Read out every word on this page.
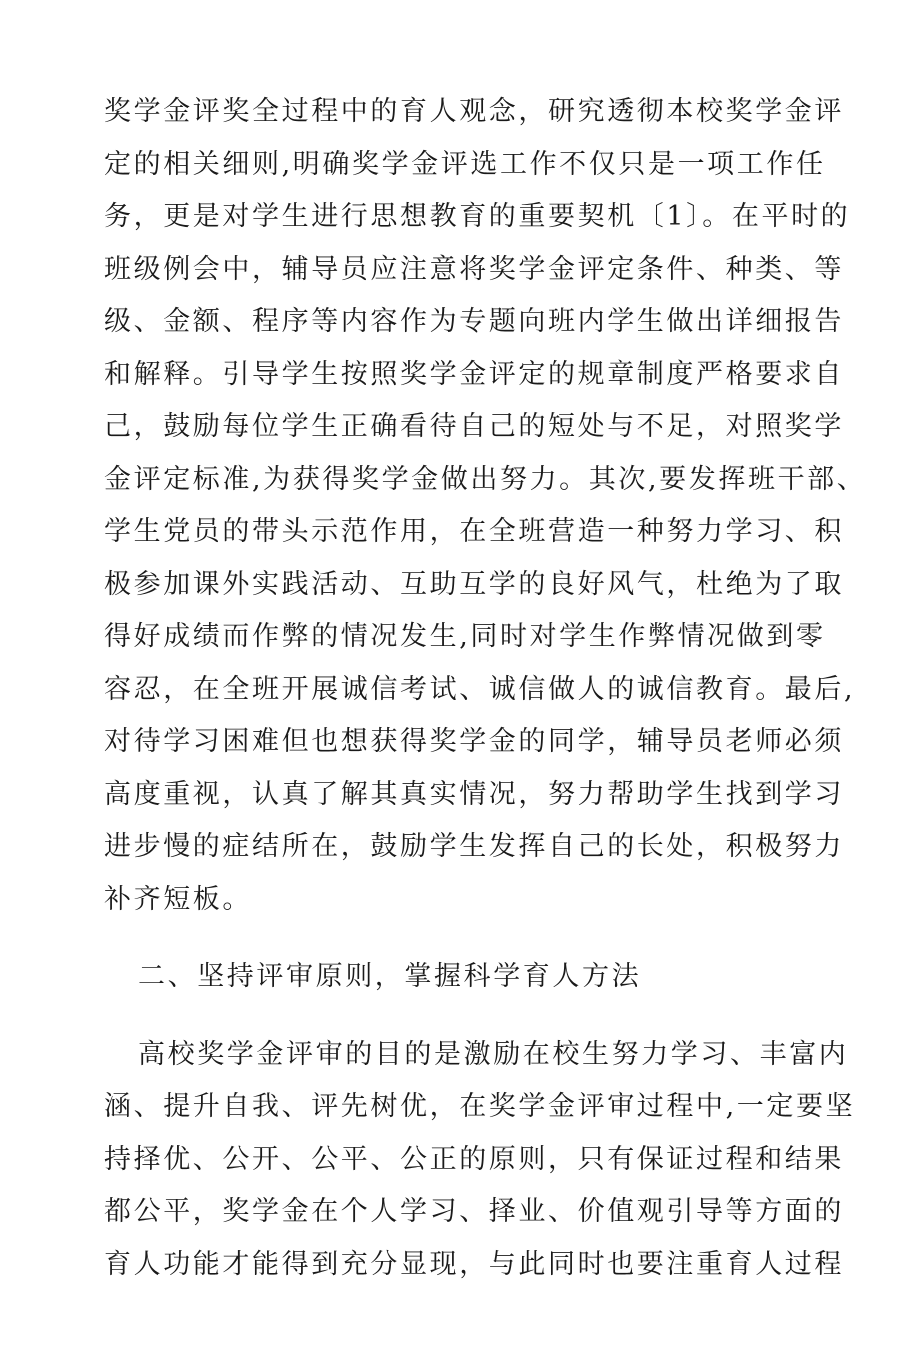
奖学金评奖全过程中的育人观念，研究透彻本校奖学金评
定的相关细则,明确奖学金评选工作不仅只是一项工作任
务，更是对学生进行思想教育的重要契机〔1〕。在平时的
班级例会中，辅导员应注意将奖学金评定条件、种类、等
级、金额、程序等内容作为专题向班内学生做出详细报告
和解释。引导学生按照奖学金评定的规章制度严格要求自
己，鼓励每位学生正确看待自己的短处与不足，对照奖学
金评定标准,为获得奖学金做出努力。其次,要发挥班干部、
学生党员的带头示范作用，在全班营造一种努力学习、积
极参加课外实践活动、互助互学的良好风气，杜绝为了取
得好成绩而作弊的情况发生,同时对学生作弊情况做到零
容忍，在全班开展诚信考试、诚信做人的诚信教育。最后,
对待学习困难但也想获得奖学金的同学，辅导员老师必须
高度重视，认真了解其真实情况，努力帮助学生找到学习
进步慢的症结所在，鼓励学生发挥自己的长处，积极努力
补齐短板。
二、坚持评审原则，掌握科学育人方法
高校奖学金评审的目的是激励在校生努力学习、丰富内
涵、提升自我、评先树优，在奖学金评审过程中,一定要坚
持择优、公开、公平、公正的原则，只有保证过程和结果
都公平，奖学金在个人学习、择业、价值观引导等方面的
育人功能才能得到充分显现，与此同时也要注重育人过程
